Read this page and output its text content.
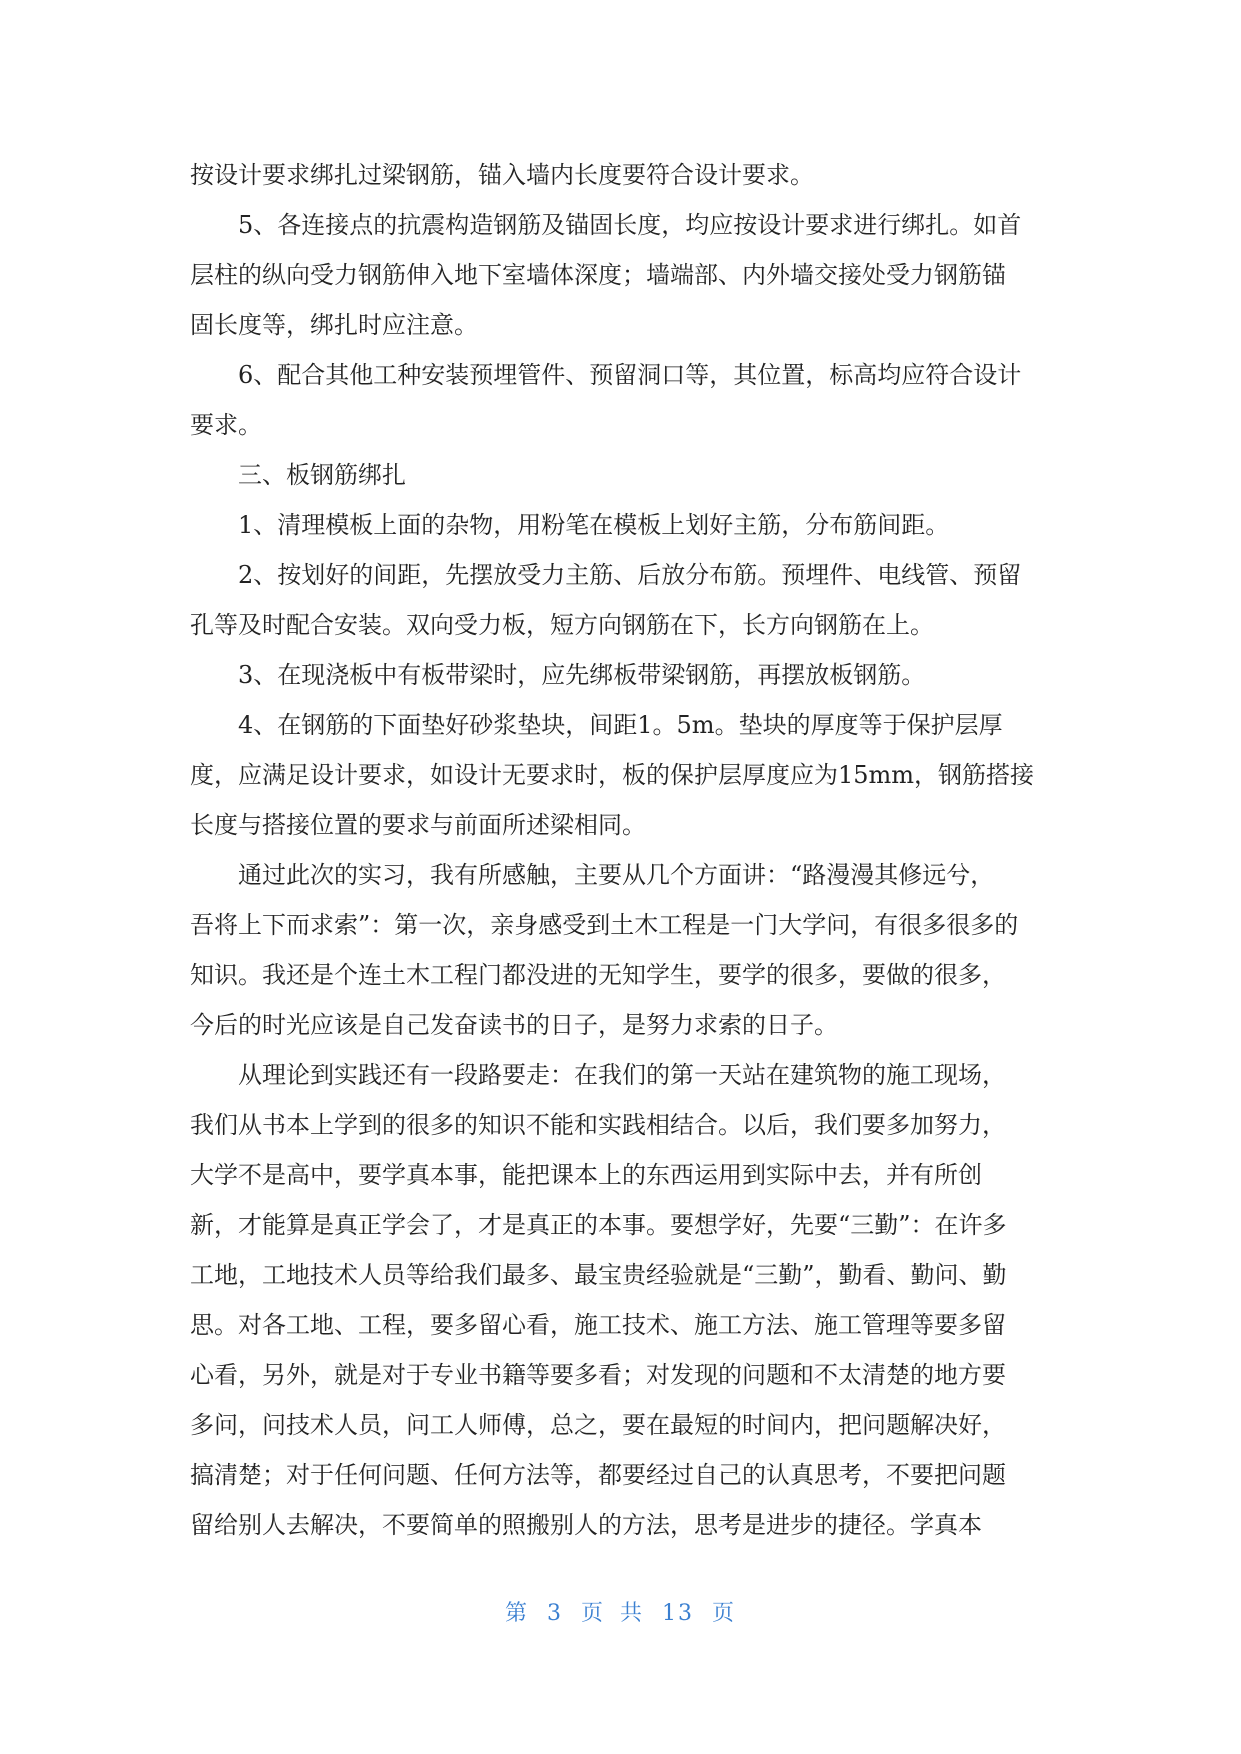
按设计要求绑扎过梁钢筋，锚入墙内长度要符合设计要求。

5、各连接点的抗震构造钢筋及锚固长度，均应按设计要求进行绑扎。如首
层柱的纵向受力钢筋伸入地下室墙体深度；墙端部、内外墙交接处受力钢筋锚
固长度等，绑扎时应注意。

6、配合其他工种安装预埋管件、预留洞口等，其位置，标高均应符合设计
要求。

三、板钢筋绑扎

1、清理模板上面的杂物，用粉笔在模板上划好主筋，分布筋间距。

2、按划好的间距，先摆放受力主筋、后放分布筋。预埋件、电线管、预留
孔等及时配合安装。双向受力板，短方向钢筋在下，长方向钢筋在上。

3、在现浇板中有板带梁时，应先绑板带梁钢筋，再摆放板钢筋。

4、在钢筋的下面垫好砂浆垫块，间距1。5m。垫块的厚度等于保护层厚
度，应满足设计要求，如设计无要求时，板的保护层厚度应为15mm，钢筋搭接
长度与搭接位置的要求与前面所述梁相同。

通过此次的实习，我有所感触，主要从几个方面讲：“路漫漫其修远兮，
吾将上下而求索”：第一次，亲身感受到土木工程是一门大学问，有很多很多的
知识。我还是个连土木工程门都没进的无知学生，要学的很多，要做的很多，
今后的时光应该是自己发奋读书的日子，是努力求索的日子。

从理论到实践还有一段路要走：在我们的第一天站在建筑物的施工现场，
我们从书本上学到的很多的知识不能和实践相结合。以后，我们要多加努力，
大学不是高中，要学真本事，能把课本上的东西运用到实际中去，并有所创
新，才能算是真正学会了，才是真正的本事。要想学好，先要“三勤”：在许多
工地，工地技术人员等给我们最多、最宝贵经验就是“三勤”，勤看、勤问、勤
思。对各工地、工程，要多留心看，施工技术、施工方法、施工管理等要多留
心看，另外，就是对于专业书籍等要多看；对发现的问题和不太清楚的地方要
多问，问技术人员，问工人师傅，总之，要在最短的时间内，把问题解决好，
搞清楚；对于任何问题、任何方法等，都要经过自己的认真思考，不要把问题
留给别人去解决，不要简单的照搬别人的方法，思考是进步的捷径。学真本

第 3 页 共 13 页
